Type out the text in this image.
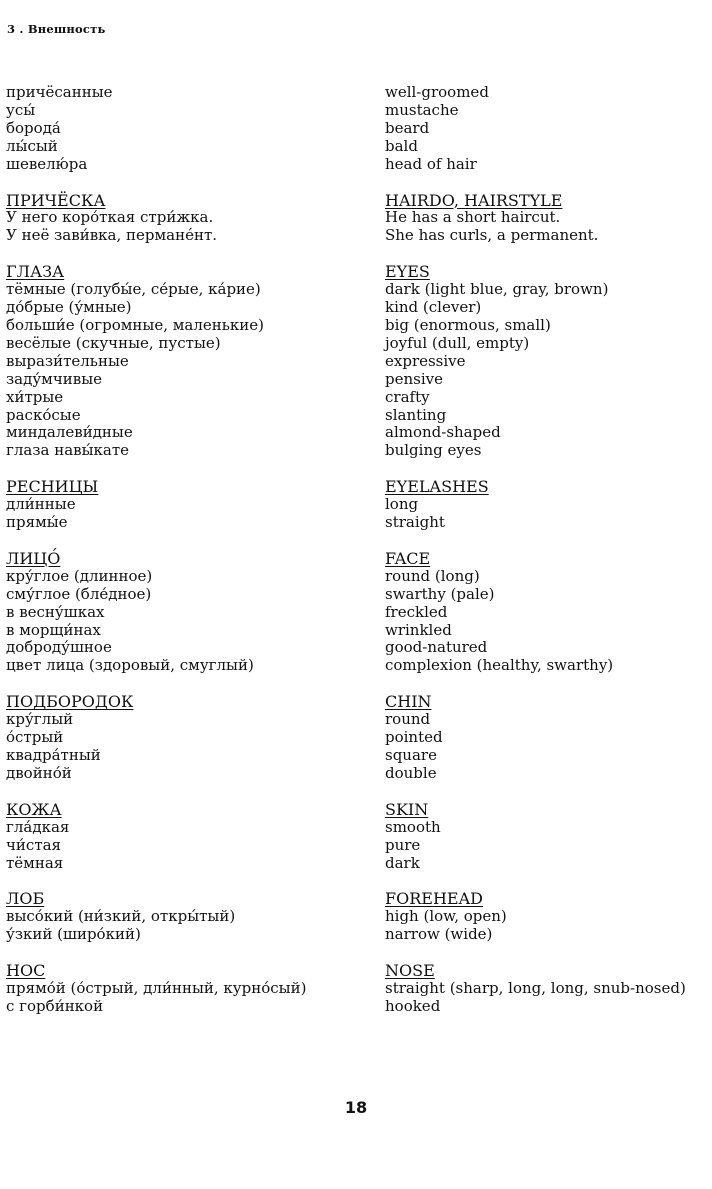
3 . Внешность
причёсанные
усы́
борода́
лы́сый
шевелю́ра
ПРИЧЁСКА
У него коро́ткая стри́жка.
У неё зави́вка, перманéнт.
ГЛАЗА
тёмные (голубы́е, се́рые, ка́рие)
до́брые (у́мные)
больши́е (огромные, маленькие)
весёлые (скучные, пустые)
вырази́тельные
заду́мчивые
хи́трые
раско́сые
миндалеви́дные
глаза навы́кате
РЕСНИЦЫ
дли́нные
прямы́е
ЛИЦО́
кру́глое (длинное)
сму́глое (бле́дное)
в весну́шках
в морщи́нах
доброду́шное
цвет лица (здоровый, смуглый)
ПОДБОРОДОК
кру́глый
о́стрый
квадра́тный
двойно́й
КОЖА
гла́дкая
чи́стая
тёмная
ЛОБ
высо́кий (ни́зкий, откры́тый)
у́зкий (широ́кий)
НОС
прямо́й (о́стрый, дли́нный, курно́сый)
с горби́нкой
well-groomed
mustache
beard
bald
head of hair
HAIRDO, HAIRSTYLE
He has a short haircut.
She has curls, a permanent.
EYES
dark (light blue, gray, brown)
kind (clever)
big (enormous, small)
joyful (dull, empty)
expressive
pensive
crafty
slanting
almond-shaped
bulging eyes
EYELASHES
long
straight
FACE
round (long)
swarthy (pale)
freckled
wrinkled
good-natured
complexion (healthy, swarthy)
CHIN
round
pointed
square
double
SKIN
smooth
pure
dark
FOREHEAD
high (low, open)
narrow (wide)
NOSE
straight (sharp, long, long, snub-nosed)
hooked
18
